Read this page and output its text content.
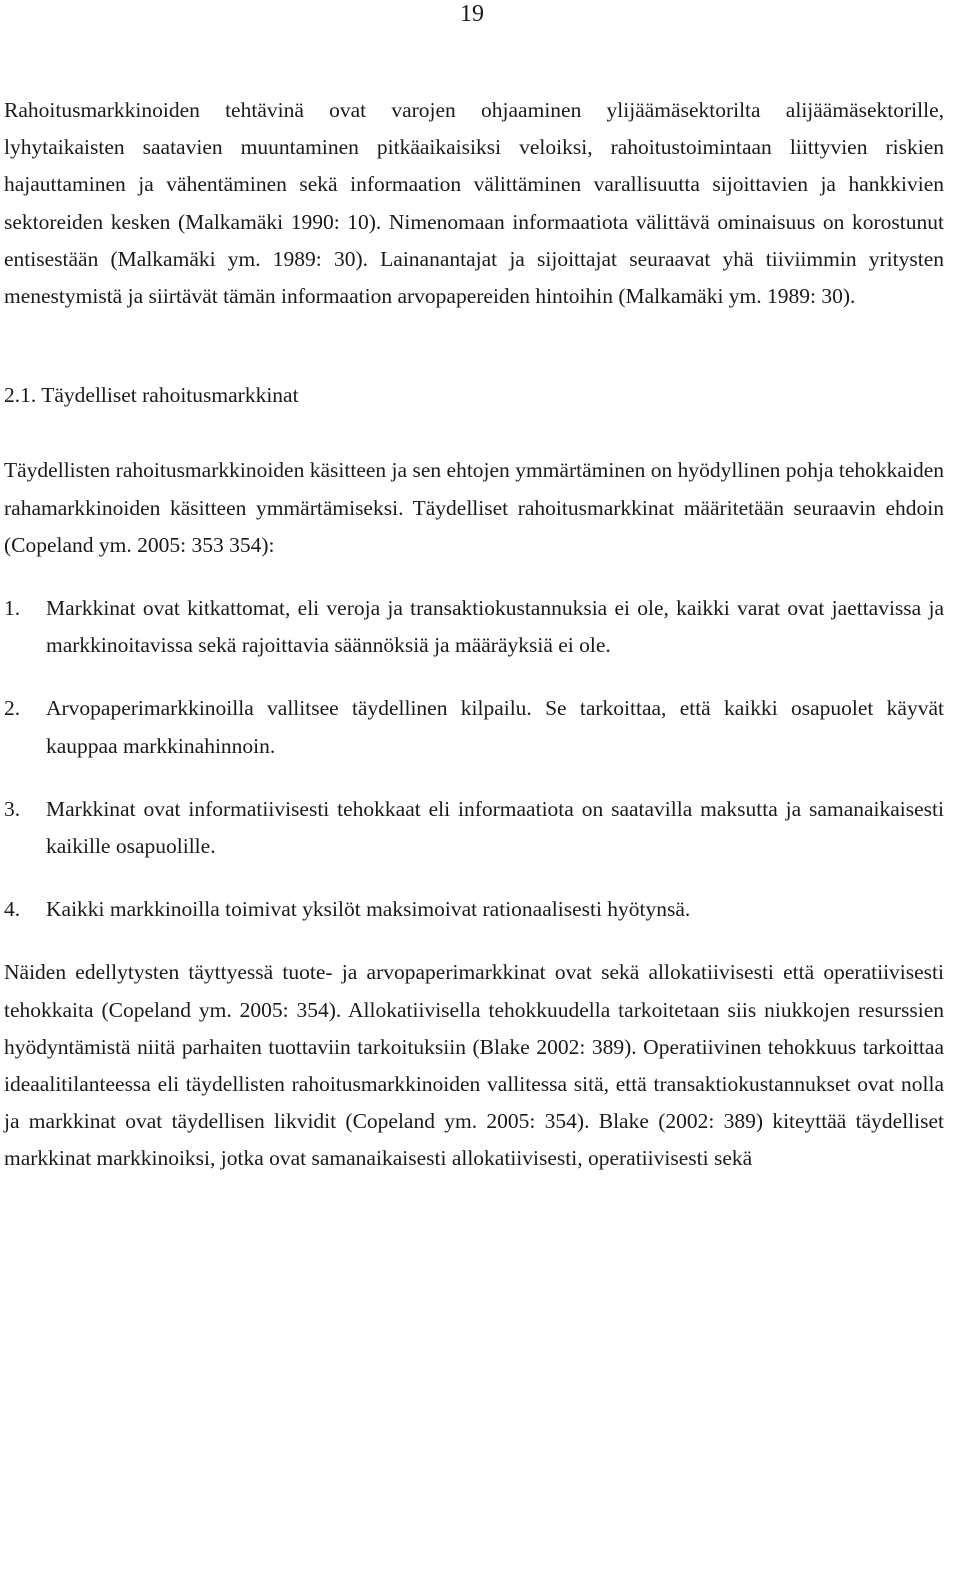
19

Rahoitusmarkkinoiden tehtävinä ovat varojen ohjaaminen ylijäämäsektorilta alijäämäsektorille, lyhytaikaisten saatavien muuntaminen pitkäaikaisiksi veloiksi, rahoitustoimintaan liittyvien riskien hajauttaminen ja vähentäminen sekä informaation välittäminen varallisuutta sijoittavien ja hankkivien sektoreiden kesken (Malkamäki 1990: 10). Nimenomaan informaatiota välittävä ominaisuus on korostunut entisestään (Malkamäki ym. 1989: 30). Lainanantajat ja sijoittajat seuraavat yhä tiiviimmin yritysten menestymistä ja siirtävät tämän informaation arvopapereiden hintoihin (Malkamäki ym. 1989: 30).

2.1. Täydelliset rahoitusmarkkinat

Täydellisten rahoitusmarkkinoiden käsitteen ja sen ehtojen ymmärtäminen on hyödyllinen pohja tehokkaiden rahamarkkinoiden käsitteen ymmärtämiseksi. Täydelliset rahoitusmarkkinat määritetään seuraavin ehdoin (Copeland ym. 2005: 353 354):

1. Markkinat ovat kitkattomat, eli veroja ja transaktiokustannuksia ei ole, kaikki varat ovat jaettavissa ja markkinoitavissa sekä rajoittavia säännöksiä ja määräyksiä ei ole.
2. Arvopaperimarkkinoilla vallitsee täydellinen kilpailu. Se tarkoittaa, että kaikki osapuolet käyvät kauppaa markkinahinnoin.
3. Markkinat ovat informatiivisesti tehokkaat eli informaatiota on saatavilla maksutta ja samanaikaisesti kaikille osapuolille.
4. Kaikki markkinoilla toimivat yksilöt maksimoivat rationaalisesti hyötynsä.

Näiden edellytysten täyttyessä tuote- ja arvopaperimarkkinat ovat sekä allokatiivisesti että operatiivisesti tehokkaita (Copeland ym. 2005: 354). Allokatiivisella tehokkuudella tarkoitetaan siis niukkojen resurssien hyödyntämistä niitä parhaiten tuottaviin tarkoituksiin (Blake 2002: 389). Operatiivinen tehokkuus tarkoittaa ideaalitilanteessa eli täydellisten rahoitusmarkkinoiden vallitessa sitä, että transaktiokustannukset ovat nolla ja markkinat ovat täydellisen likvidit (Copeland ym. 2005: 354). Blake (2002: 389) kiteyttää täydelliset markkinat markkinoiksi, jotka ovat samanaikaisesti allokatiivisesti, operatiivisesti sekä
